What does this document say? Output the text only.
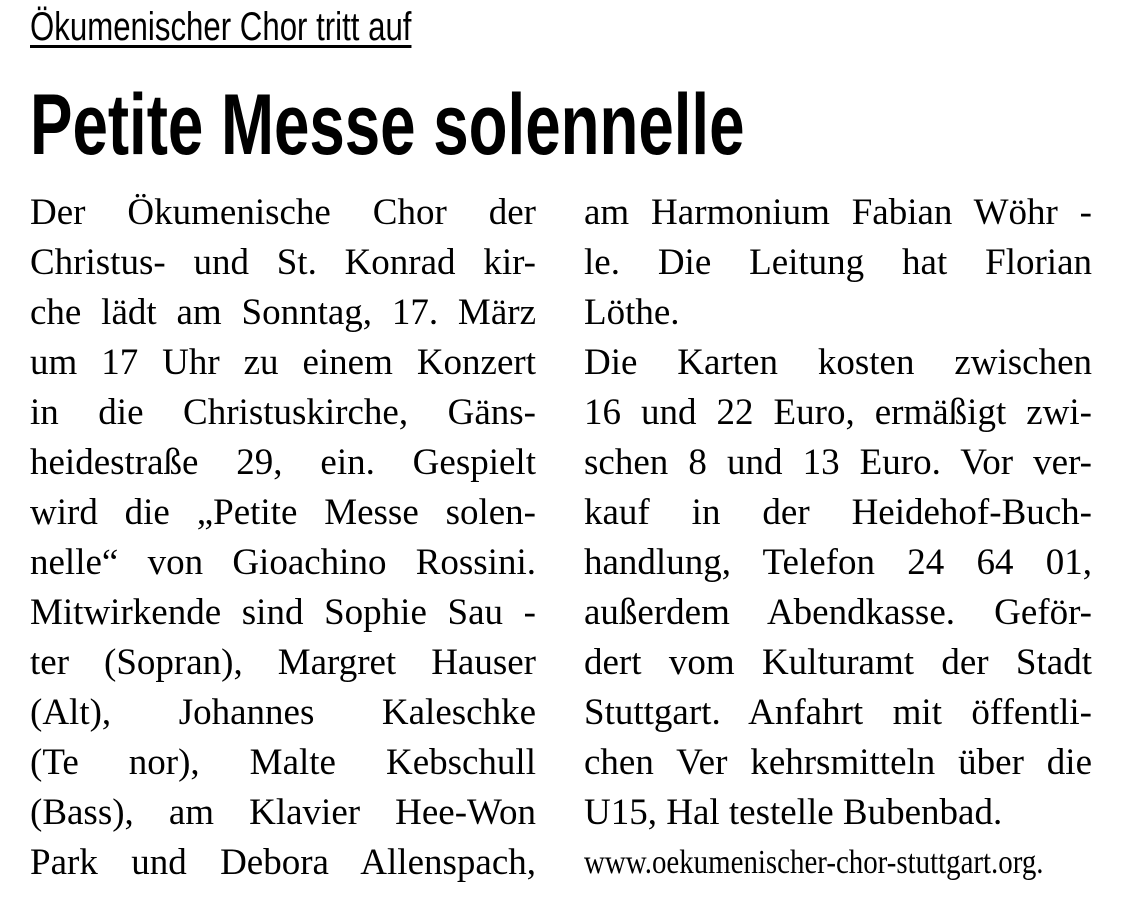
Ökumenischer Chor tritt auf
Petite Messe solennelle
Der Ökumenische Chor der
Christus- und St. Konrad kir-
che lädt am Sonntag, 17. März
um 17 Uhr zu einem Konzert
in die Christuskirche, Gäns-
heidestraße 29, ein. Gespielt
wird die „Petite Messe solen-
nelle“ von Gioachino Rossini.
Mitwirkende sind Sophie Sau -
ter (Sopran), Margret Hauser
(Alt), Johannes Kaleschke
(Te nor), Malte Kebschull
(Bass), am Klavier Hee-Won
Park und Debora Allenspach,
am Harmonium Fabian Wöhr -
le. Die Leitung hat Florian
Löthe.
Die Karten kosten zwischen
16 und 22 Euro, ermäßigt zwi-
schen 8 und 13 Euro. Vor ver-
kauf in der Heidehof-Buch-
handlung, Telefon 24 64 01,
außerdem Abendkasse. Geför-
dert vom Kulturamt der Stadt
Stuttgart. Anfahrt mit öffentli-
chen Ver kehrsmitteln über die
U15, Hal testelle Bubenbad.
www.oekumenischer-chor-stuttgart.org.
